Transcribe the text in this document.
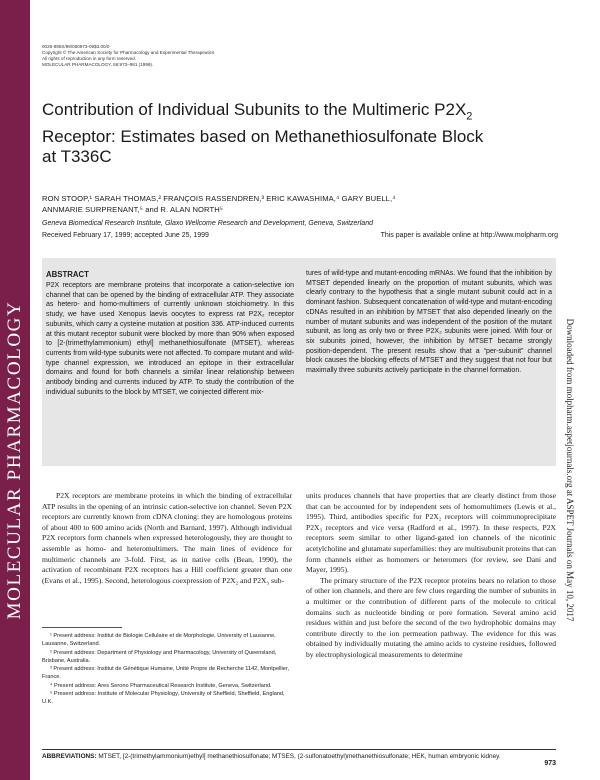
MOLECULAR PHARMACOLOGY	Downloaded from molpharm.aspetjournals.org at ASPET Journals on May 10, 2017
0026-895X/99/050973-09$3.00/0
Copyright © The American Society for Pharmacology and Experimental Therapeutics
All rights of reproduction in any form reserved.
MOLECULAR PHARMACOLOGY, 56:973–981 (1999).
Contribution of Individual Subunits to the Multimeric $P2X_2$
Receptor: Estimates based on Methanethiosulfonate Block
at T336C
RON STOOP,¹ SARAH THOMAS,² FRANÇOIS RASSENDREN,³ ERIC KAWASHIMA,⁴ GARY BUELL,⁴
ANNMARIE SURPRENANT,⁵ and R. ALAN NORTH⁵
Geneva Biomedical Research Institute, Glaxo Wellcome Research and Development, Geneva, Switzerland
Received February 17, 1999; accepted June 25, 1999	This paper is available online at http://www.molpharm.org
ABSTRACT
P2X receptors are membrane proteins that incorporate a cation-selective ion channel that can be opened by the binding of extracellular ATP. They associate as hetero- and homo-multimers of currently unknown stoichiometry. In this study, we have used Xenopus laevis oocytes to express rat P2X₂ receptor subunits, which carry a cysteine mutation at position 336. ATP-induced currents at this mutant receptor subunit were blocked by more than 90% when exposed to [2-(trimethylammonium) ethyl] methanethiosulfonate (MTSET), whereas currents from wild-type subunits were not affected. To compare mutant and wild-type channel expression, we introduced an epitope in their extracellular domains and found for both channels a similar linear relationship between antibody binding and currents induced by ATP. To study the contribution of the individual subunits to the block by MTSET, we coinjected different mix-
tures of wild-type and mutant-encoding mRNAs. We found that the inhibition by MTSET depended linearly on the proportion of mutant subunits, which was clearly contrary to the hypothesis that a single mutant subunit could act in a dominant fashion. Subsequent concatenation of wild-type and mutant-encoding cDNAs resulted in an inhibition by MTSET that also depended linearly on the number of mutant subunits and was independent of the position of the mutant subunit, as long as only two or three P2X₂ subunits were joined. With four or six subunits joined, however, the inhibition by MTSET became strongly position-dependent. The present results show that a “per-subunit” channel block causes the blocking effects of MTSET and they suggest that not four but maximally three subunits actively participate in the channel formation.
P2X receptors are membrane proteins in which the binding of extracellular ATP results in the opening of an intrinsic cation-selective ion channel. Seven P2X receptors are currently known from cDNA cloning: they are homologous proteins of about 400 to 600 amino acids (North and Barnard, 1997). Although individual P2X receptors form channels when expressed heterologously, they are thought to assemble as homo- and heteromultimers. The main lines of evidence for multimeric channels are 3-fold. First, as in native cells (Bean, 1990), the activation of recombinant P2X receptors has a Hill coefficient greater than one (Evans et al., 1995). Second, heterologous coexpression of P2X₂ and P2X₃ sub-

units produces channels that have properties that are clearly distinct from those that can be accounted for by independent sets of homomultimers (Lewis et al., 1995). Third, antibodies specific for P2X₂ receptors will coimmunoprecipitate P2X₃ receptors and vice versa (Radford et al., 1997). In these respects, P2X receptors seem similar to other ligand-gated ion channels of the nicotinic acetylcholine and glutamate superfamilies: they are multisubunit proteins that can form channels either as homomers or heteromers (for review, see Dani and Mayer, 1995).

The primary structure of the P2X receptor proteins bears no relation to those of other ion channels, and there are few clues regarding the number of subunits in a multimer or the contribution of different parts of the molecule to critical domains such as nucleotide binding or pore formation. Several amino acid residues within and just before the second of the two hydrophobic domains may contribute directly to the ion permeation pathway. The evidence for this was obtained by individually mutating the amino acids to cysteine residues, followed by electrophysiological measurements to determine

¹ Present address: Institut de Biologie Cellulaire et de Morphologie, University of Lausanne, Lausanne, Switzerland.

² Present address: Department of Physiology and Pharmacology, University of Queensland, Brisbane, Australia.

³ Present address: Institut de Génétique Humaine, Unité Propre de Recherche 1142, Montpellier, France.

⁴ Present address: Ares Serono Pharmaceutical Research Institute, Geneva, Switzerland.

⁵ Present address: Institute of Molecular Physiology, University of Sheffield, Sheffield, England, U.K.

ABBREVIATIONS: MTSET, [2-(trimethylammonium)ethyl] methanethiosulfonate; MTSES, (2-sulfonatoethyl)methanethiosulfonate; HEK, human embryonic kidney.
973
